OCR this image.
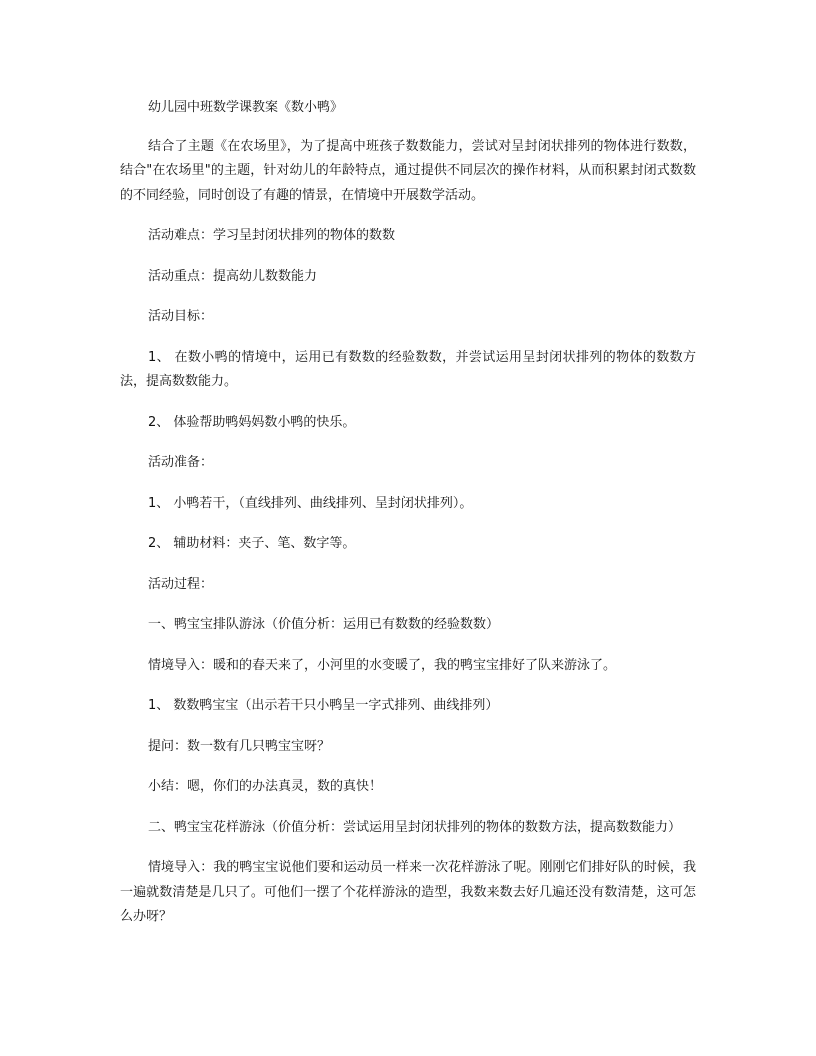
幼儿园中班数学课教案《数小鸭》

结合了主题《在农场里》，为了提高中班孩子数数能力，尝试对呈封闭状排列的物体进行数数，结合"在农场里"的主题，针对幼儿的年龄特点，通过提供不同层次的操作材料，从而积累封闭式数数的不同经验，同时创设了有趣的情景，在情境中开展数学活动。

活动难点：学习呈封闭状排列的物体的数数

活动重点：提高幼儿数数能力

活动目标：

1、 在数小鸭的情境中，运用已有数数的经验数数，并尝试运用呈封闭状排列的物体的数数方法，提高数数能力。

2、 体验帮助鸭妈妈数小鸭的快乐。

活动准备：

1、 小鸭若干，（直线排列、曲线排列、呈封闭状排列）。

2、 辅助材料：夹子、笔、数字等。

活动过程：

一、鸭宝宝排队游泳（价值分析：运用已有数数的经验数数）

情境导入：暖和的春天来了，小河里的水变暖了，我的鸭宝宝排好了队来游泳了。

1、 数数鸭宝宝（出示若干只小鸭呈一字式排列、曲线排列）

提问：数一数有几只鸭宝宝呀？

小结：嗯，你们的办法真灵，数的真快！

二、鸭宝宝花样游泳（价值分析：尝试运用呈封闭状排列的物体的数数方法，提高数数能力）

情境导入：我的鸭宝宝说他们要和运动员一样来一次花样游泳了呢。刚刚它们排好队的时候，我一遍就数清楚是几只了。可他们一摆了个花样游泳的造型，我数来数去好几遍还没有数清楚，这可怎么办呀？
